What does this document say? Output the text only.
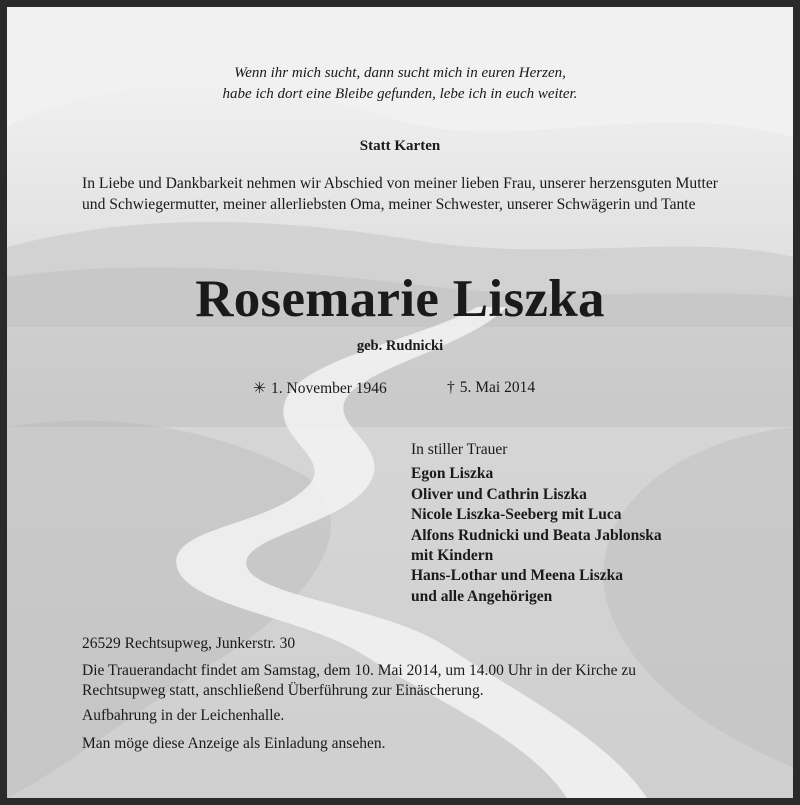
Wenn ihr mich sucht, dann sucht mich in euren Herzen,
habe ich dort eine Bleibe gefunden, lebe ich in euch weiter.
Statt Karten
In Liebe und Dankbarkeit nehmen wir Abschied von meiner lieben Frau, unserer herzensguten Mutter und Schwiegermutter, meiner allerliebsten Oma, meiner Schwester, unserer Schwägerin und Tante
Rosemarie Liszka
geb. Rudnicki
✳ 1. November 1946	† 5. Mai 2014
In stiller Trauer
Egon Liszka
Oliver und Cathrin Liszka
Nicole Liszka-Seeberg mit Luca
Alfons Rudnicki und Beata Jablonska
mit Kindern
Hans-Lothar und Meena Liszka
und alle Angehörigen
26529 Rechtsupweg, Junkerstr. 30
Die Trauerandacht findet am Samstag, dem 10. Mai 2014, um 14.00 Uhr in der Kirche zu Rechtsupweg statt, anschließend Überführung zur Einäscherung.
Aufbahrung in der Leichenhalle.
Man möge diese Anzeige als Einladung ansehen.
